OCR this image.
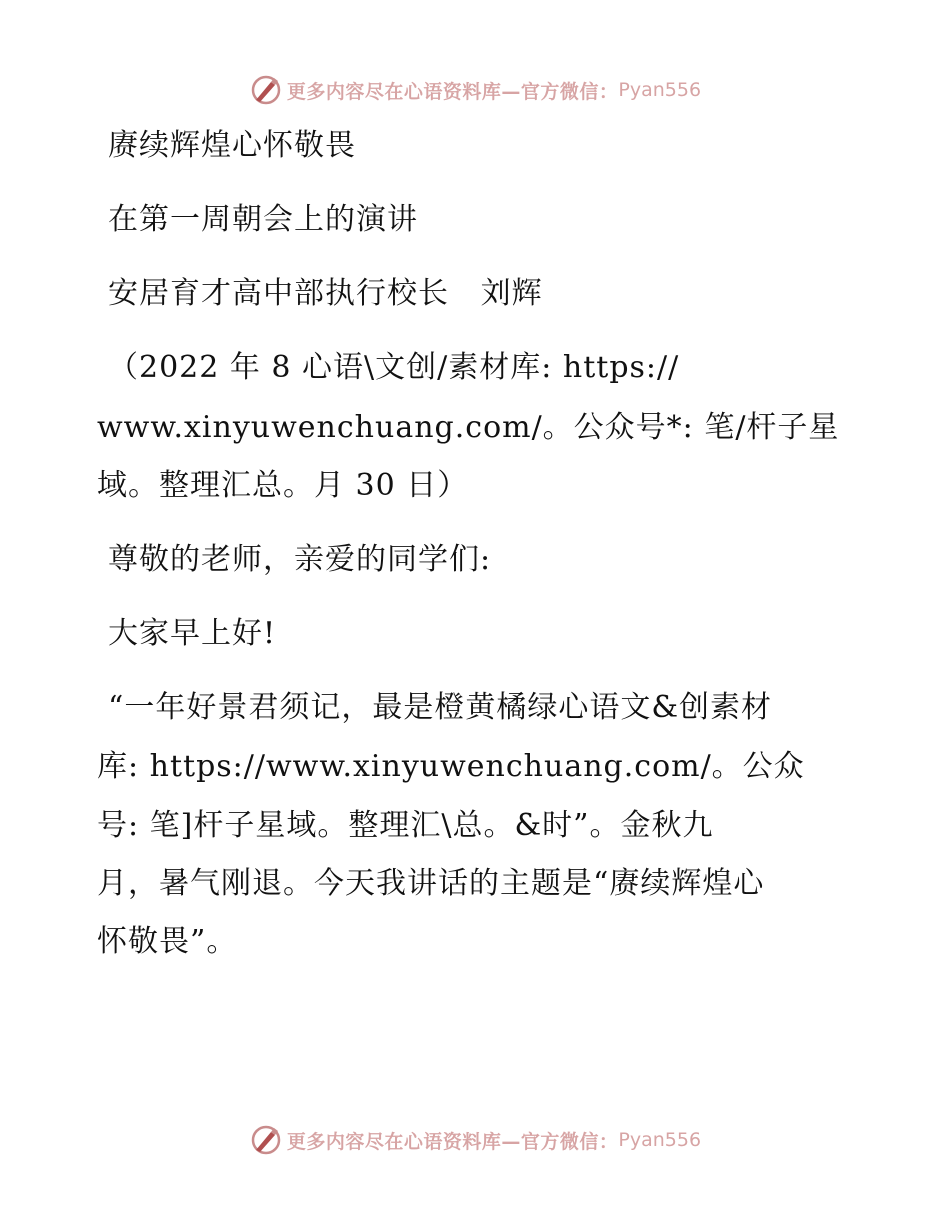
更多内容尽在心语资料库—官方微信： Pyan556
赓续辉煌心怀敬畏
在第一周朝会上的演讲
安居育才高中部执行校长   刘辉
（2022 年 8 心语\文创/素材库: https://
www.xinyuwenchuang.com/。公众号*: 笔/杆子星
域。整理汇总。月 30 日）
尊敬的老师，亲爱的同学们:
大家早上好!
“一年好景君须记，最是橙黄橘绿心语文&创素材
库: https://www.xinyuwenchuang.com/。公众
号: 笔]杆子星域。整理汇\总。&时”。金秋九
月，暑气刚退。今天我讲话的主题是“赓续辉煌心
怀敬畏”。
更多内容尽在心语资料库—官方微信： Pyan556
